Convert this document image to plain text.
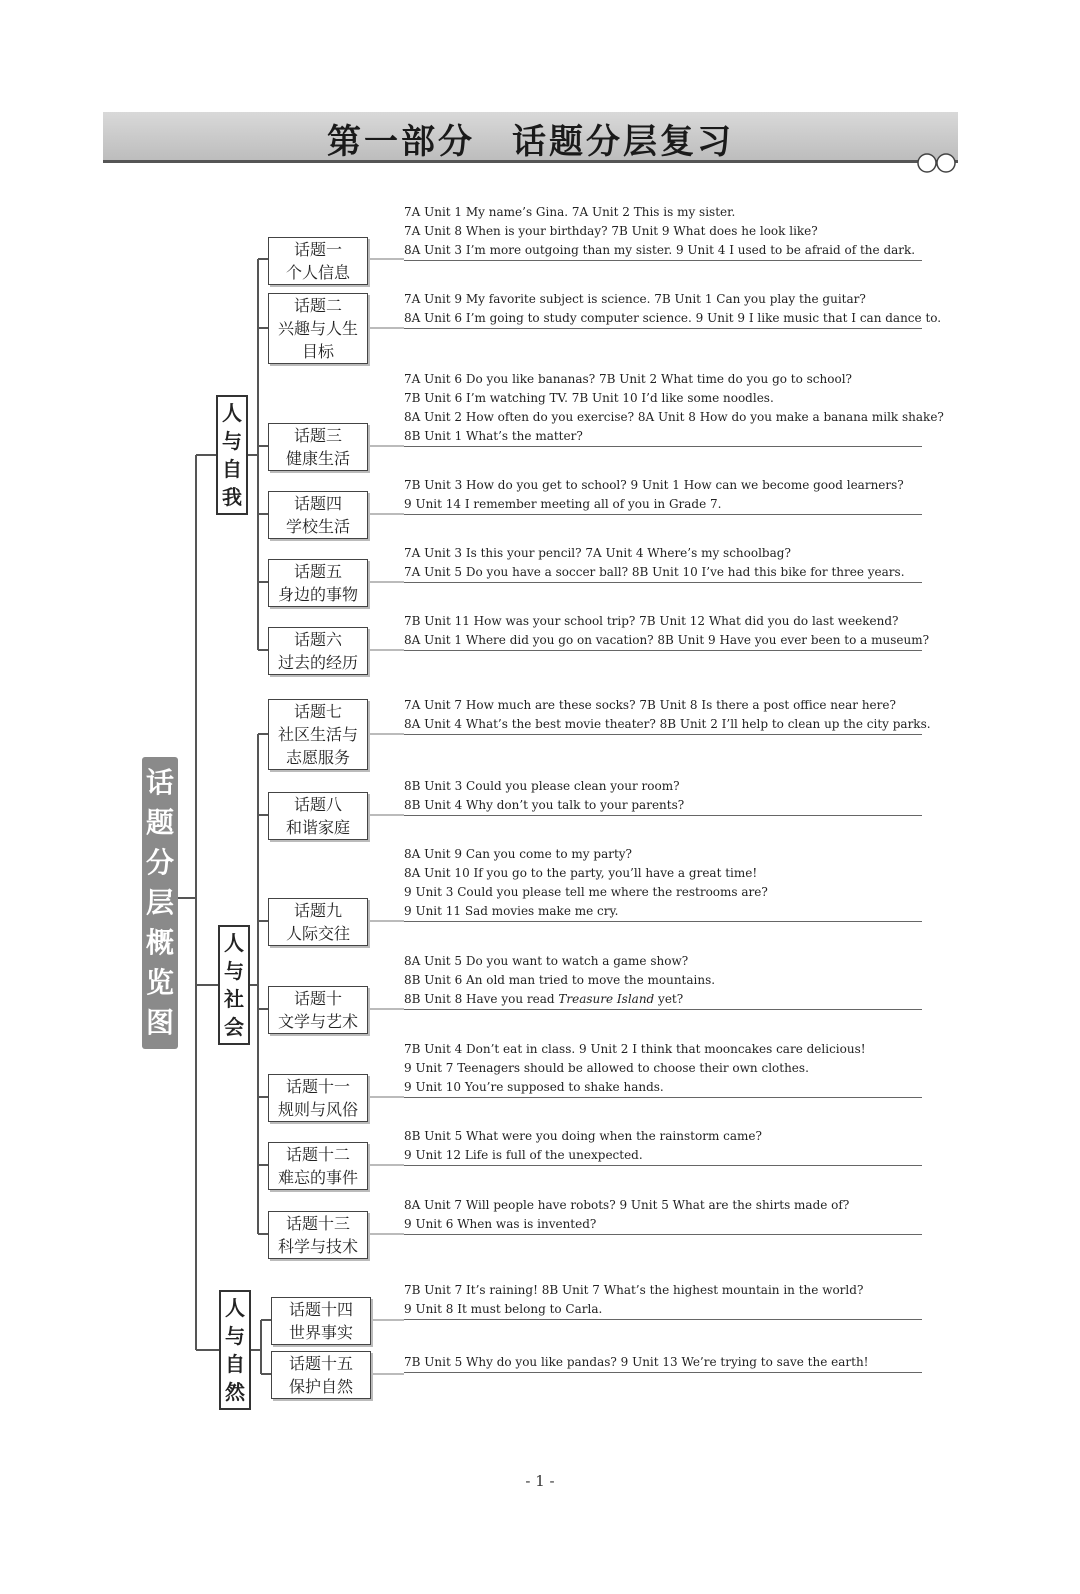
第一部分　话题分层复习
话
题
分
层
概
览
图
人
与
自
我
人
与
社
会
人
与
自
然
话题一
个人信息
话题二
兴趣与人生目标
话题三
健康生活
话题四
学校生活
话题五
身边的事物
话题六
过去的经历
话题七
社区生活与志愿服务
话题八
和谐家庭
话题九
人际交往
话题十
文学与艺术
话题十一
规则与风俗
话题十二
难忘的事件
话题十三
科学与技术
话题十四
世界事实
话题十五
保护自然
7A Unit 1 My name’s Gina. 7A Unit 2 This is my sister.
7A Unit 8 When is your birthday? 7B Unit 9 What does he look like?
8A Unit 3 I’m more outgoing than my sister. 9 Unit 4 I used to be afraid of the dark.
7A Unit 9 My favorite subject is science. 7B Unit 1 Can you play the guitar?
8A Unit 6 I’m going to study computer science. 9 Unit 9 I like music that I can dance to.
7A Unit 6 Do you like bananas? 7B Unit 2 What time do you go to school?
7B Unit 6 I’m watching TV. 7B Unit 10 I’d like some noodles.
8A Unit 2 How often do you exercise? 8A Unit 8 How do you make a banana milk shake?
8B Unit 1 What’s the matter?
7B Unit 3 How do you get to school? 9 Unit 1 How can we become good learners?
9 Unit 14 I remember meeting all of you in Grade 7.
7A Unit 3 Is this your pencil? 7A Unit 4 Where’s my schoolbag?
7A Unit 5 Do you have a soccer ball? 8B Unit 10 I’ve had this bike for three years.
7B Unit 11 How was your school trip? 7B Unit 12 What did you do last weekend?
8A Unit 1 Where did you go on vacation? 8B Unit 9 Have you ever been to a museum?
7A Unit 7 How much are these socks? 7B Unit 8 Is there a post office near here?
8A Unit 4 What’s the best movie theater? 8B Unit 2 I’ll help to clean up the city parks.
8B Unit 3 Could you please clean your room?
8B Unit 4 Why don’t you talk to your parents?
8A Unit 9 Can you come to my party?
8A Unit 10 If you go to the party, you’ll have a great time!
9 Unit 3 Could you please tell me where the restrooms are?
9 Unit 11 Sad movies make me cry.
8A Unit 5 Do you want to watch a game show?
8B Unit 6 An old man tried to move the mountains.
8B Unit 8 Have you read Treasure Island yet?
7B Unit 4 Don’t eat in class. 9 Unit 2 I think that mooncakes care delicious!
9 Unit 7 Teenagers should be allowed to choose their own clothes.
9 Unit 10 You’re supposed to shake hands.
8B Unit 5 What were you doing when the rainstorm came?
9 Unit 12 Life is full of the unexpected.
8A Unit 7 Will people have robots? 9 Unit 5 What are the shirts made of?
9 Unit 6 When was is invented?
7B Unit 7 It’s raining! 8B Unit 7 What’s the highest mountain in the world?
9 Unit 8 It must belong to Carla.
7B Unit 5 Why do you like pandas? 9 Unit 13 We’re trying to save the earth!
- 1 -
